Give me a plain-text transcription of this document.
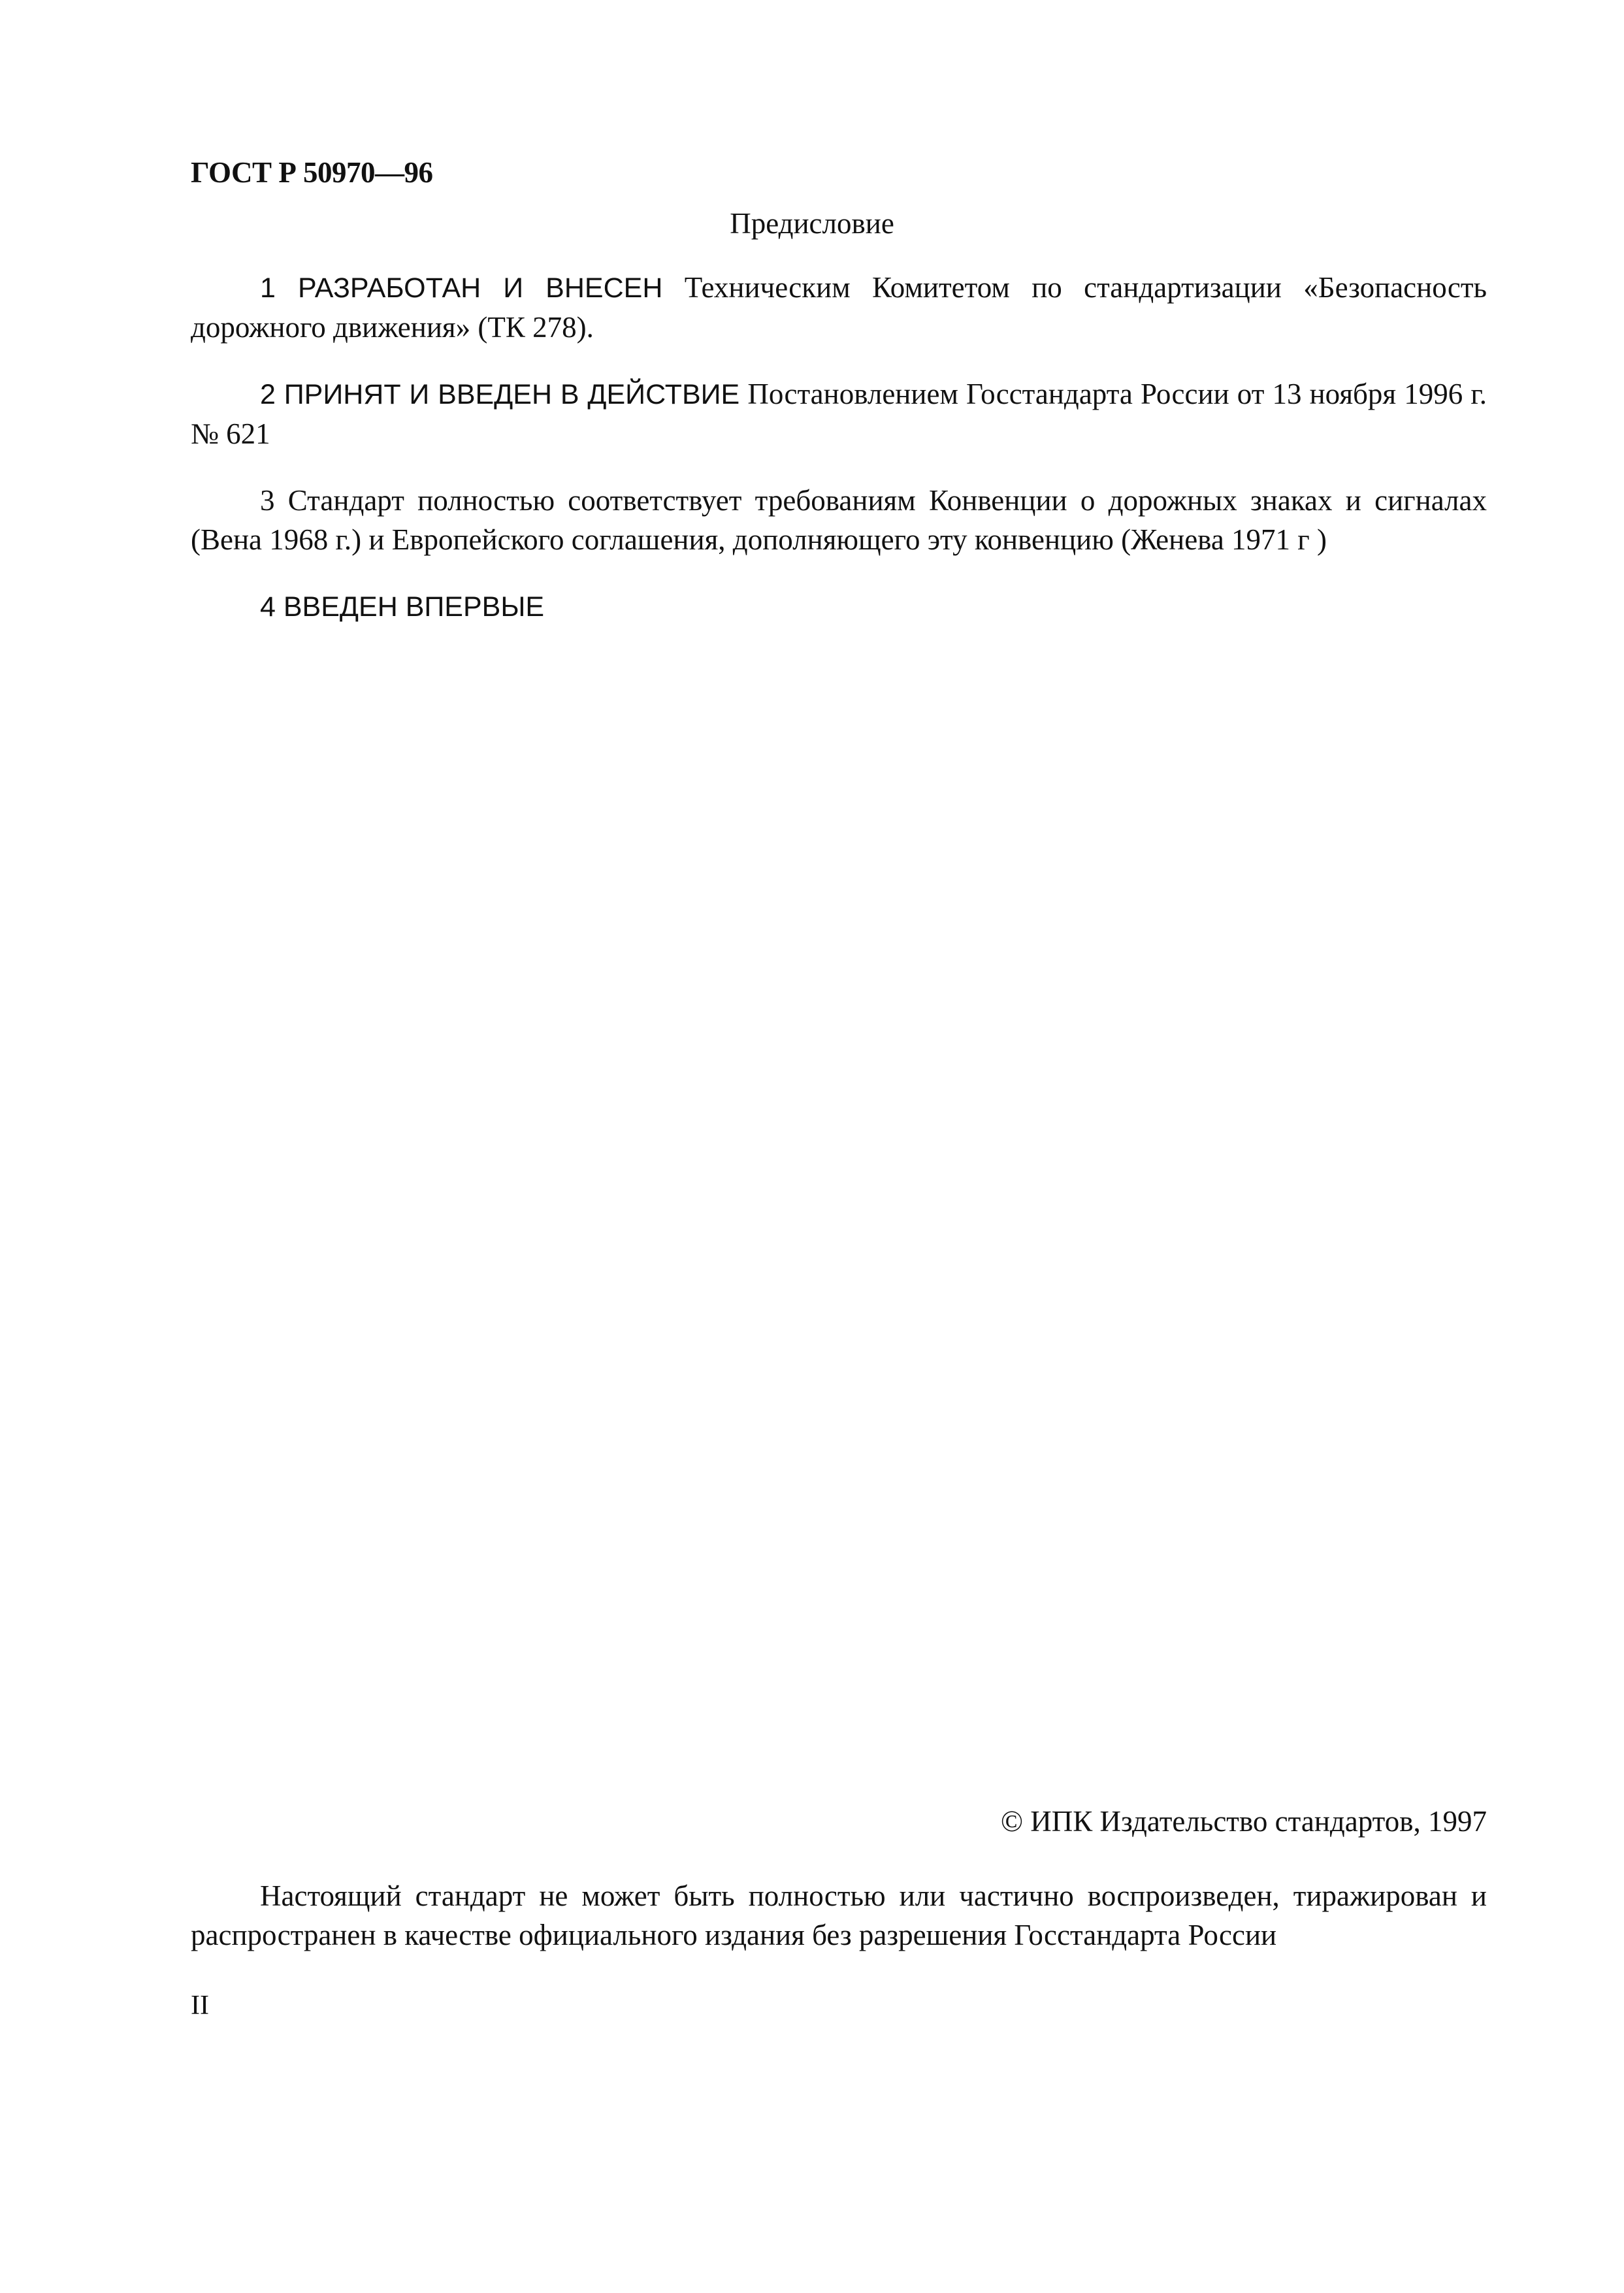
ГОСТ Р 50970—96
Предисловие

1 РАЗРАБОТАН И ВНЕСЕН Техническим Комитетом по стандартизации «Безопасность дорожного движения» (ТК 278).

2 ПРИНЯТ И ВВЕДЕН В ДЕЙСТВИЕ Постановлением Госстандарта России от 13 ноября 1996 г. № 621

3 Стандарт полностью соответствует требованиям Конвенции о дорожных знаках и сигналах (Вена 1968 г.) и Европейского соглашения, дополняющего эту конвенцию (Женева 1971 г )

4 ВВЕДЕН ВПЕРВЫЕ

© ИПК Издательство стандартов, 1997
Настоящий стандарт не может быть полностью или частично воспроизведен, тиражирован и распространен в качестве официального издания без разрешения Госстандарта России
II
